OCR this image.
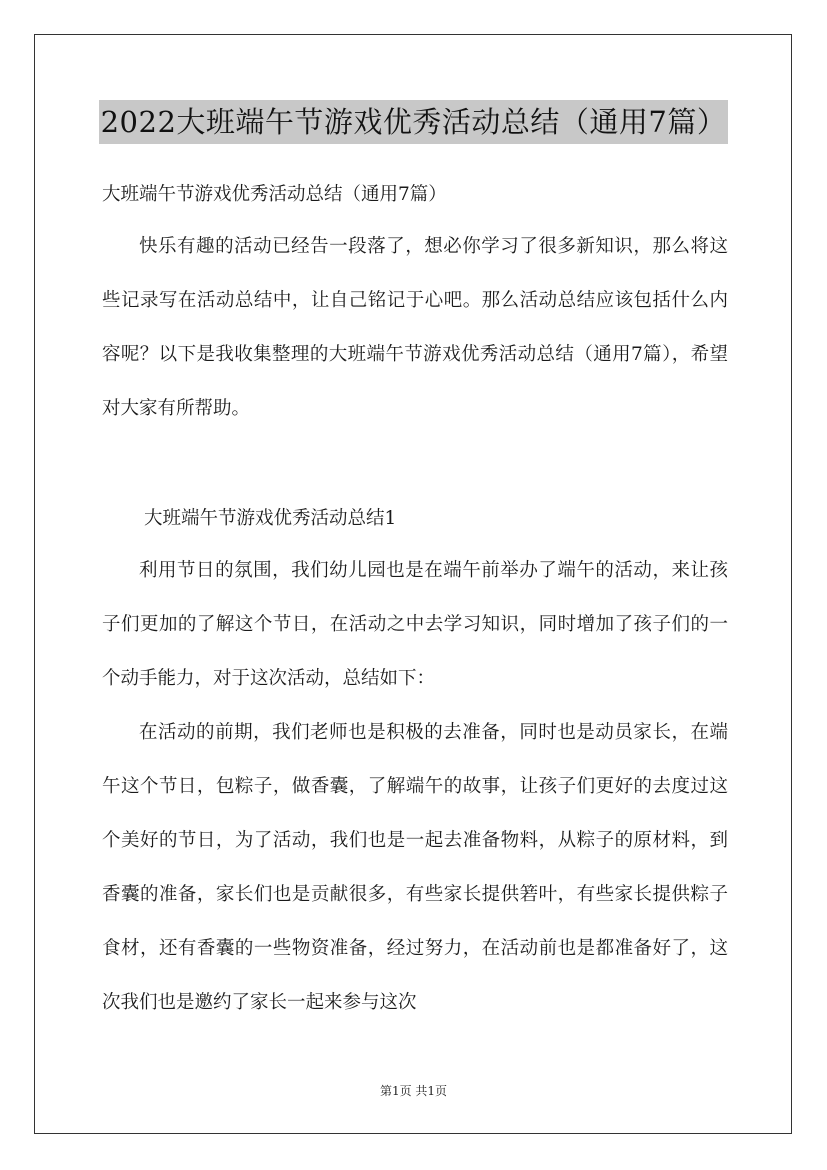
2022大班端午节游戏优秀活动总结（通用7篇）
大班端午节游戏优秀活动总结（通用7篇）

快乐有趣的活动已经告一段落了，想必你学习了很多新知识，那么将这些记录写在活动总结中，让自己铭记于心吧。那么活动总结应该包括什么内容呢？以下是我收集整理的大班端午节游戏优秀活动总结（通用7篇），希望对大家有所帮助。

大班端午节游戏优秀活动总结1

利用节日的氛围，我们幼儿园也是在端午前举办了端午的活动，来让孩子们更加的了解这个节日，在活动之中去学习知识，同时增加了孩子们的一个动手能力，对于这次活动，总结如下：

在活动的前期，我们老师也是积极的去准备，同时也是动员家长，在端午这个节日，包粽子，做香囊，了解端午的故事，让孩子们更好的去度过这个美好的节日，为了活动，我们也是一起去准备物料，从粽子的原材料，到香囊的准备，家长们也是贡献很多，有些家长提供箬叶，有些家长提供粽子食材，还有香囊的一些物资准备，经过努力，在活动前也是都准备好了，这次我们也是邀约了家长一起来参与这次

第1页 共1页
